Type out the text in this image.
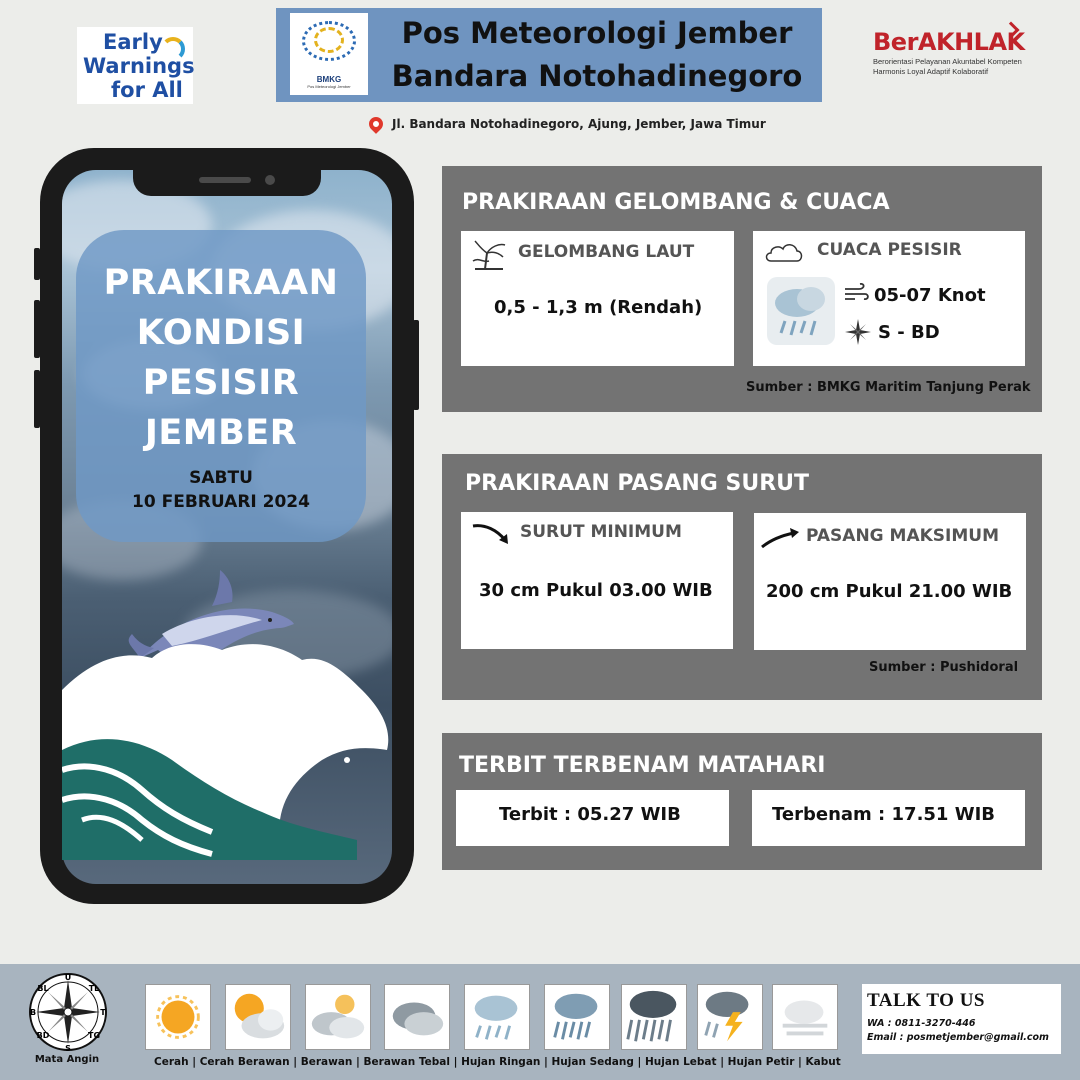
Early
Warnings
for All	BMKG
Pos Meteorologi Jember
Pos Meteorologi Jember
Bandara Notohadinegoro
BerAKHLAK
Berorientasi Pelayanan Akuntabel Kompeten
Harmonis Loyal Adaptif Kolaboratif
Jl. Bandara Notohadinegoro, Ajung, Jember, Jawa Timur
PRAKIRAAN
KONDISI
PESISIR
JEMBER
SABTU
10 FEBRUARI 2024
PRAKIRAAN GELOMBANG & CUACA
GELOMBANG LAUT
0,5 - 1,3 m (Rendah)
CUACA PESISIR
05-07 Knot
S - BD
Sumber : BMKG Maritim Tanjung Perak
PRAKIRAAN PASANG SURUT
SURUT MINIMUM
30 cm Pukul 03.00 WIB
PASANG MAKSIMUM
200 cm Pukul 21.00 WIB
Sumber : Pushidoral
TERBIT TERBENAM MATAHARI
Terbit : 05.27 WIB	Terbenam : 17.51 WIB
U
S
B	T
BL	TL
BD	TG
Mata Angin	Cerah | Cerah Berawan | Berawan | Berawan Tebal | Hujan Ringan | Hujan Sedang | Hujan Lebat | Hujan Petir | Kabut
TALK TO US
WA : 0811-3270-446
Email : posmetjember@gmail.com
